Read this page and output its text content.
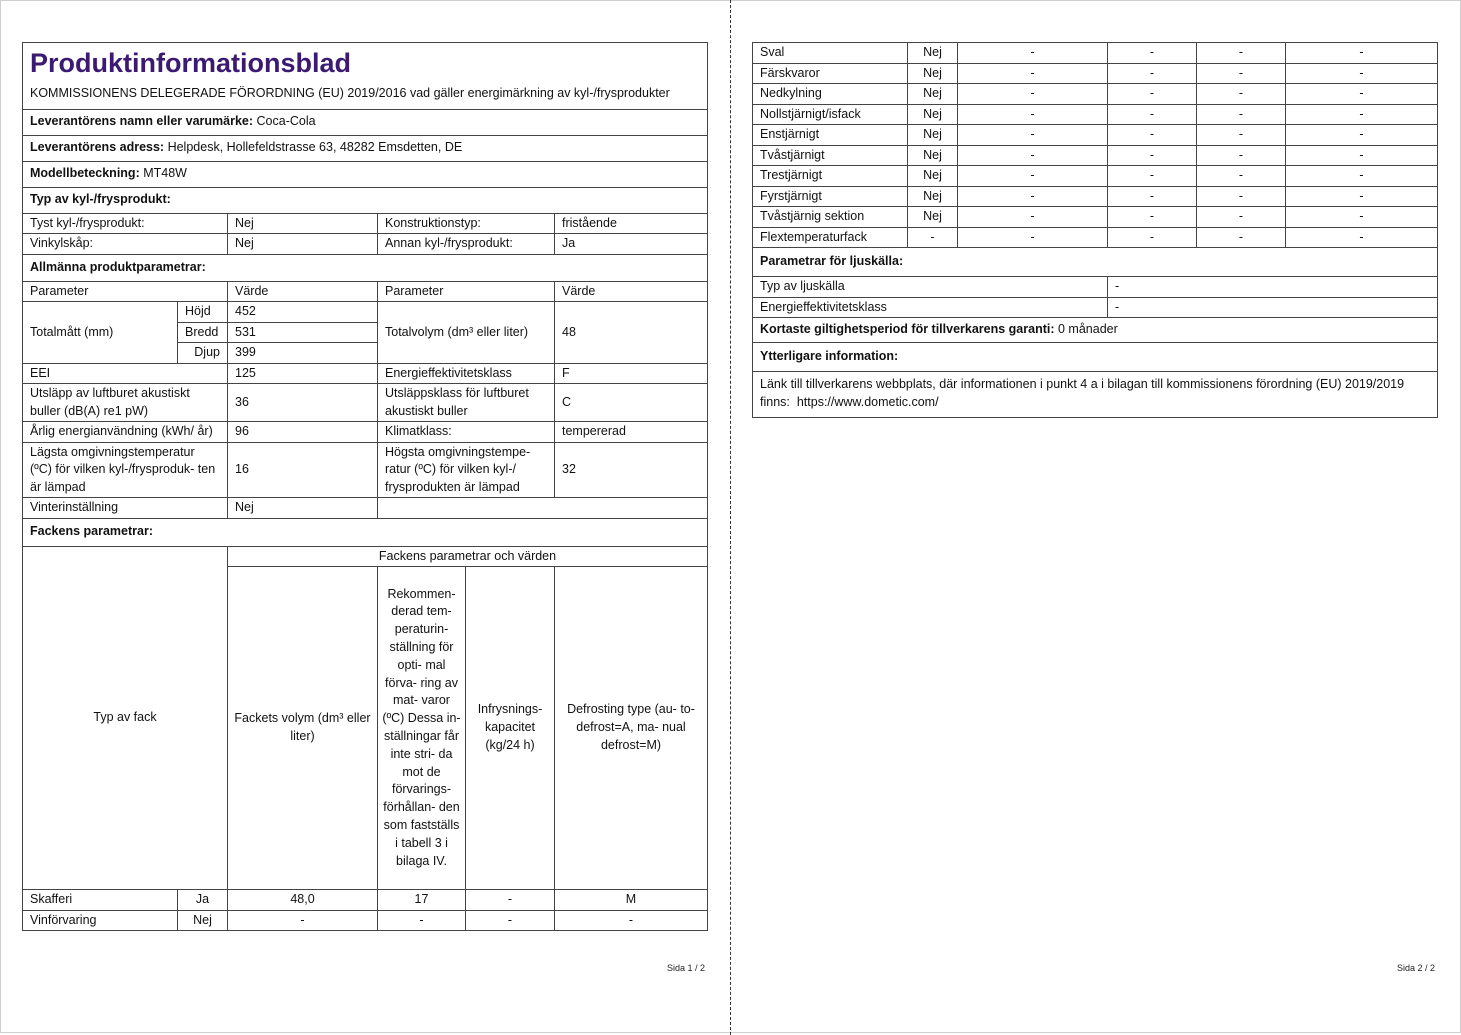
Produktinformationsblad					
KOMMISSIONENS DELEGERADE FÖRORDNING (EU) 2019/2016 vad gäller energimärkning av kyl-/frysprodukter					
Leverantörens namn eller varumärke: Coca-Cola					
Leverantörens adress: Helpdesk, Hollefeldstrasse 63, 48282 Emsdetten, DE					
Modellbeteckning: MT48W					
Typ av kyl-/frysprodukt:					
Tyst kyl-/frysprodukt:		Nej	Konstruktionstyp:		fristående
Vinkylskåp:		Nej	Annan kyl-/frysprodukt:		Ja
Allmänna produktparametrar:					
Parameter		Värde	Parameter		Värde
Totalmått (mm)	Höjd	452	Totalvolym (dm³ eller liter)		48
	Bredd	531			
	Djup	399			
EEI		125	Energieffektivitetsklass		F
Utsläpp av luftburet akustiskt buller (dB(A) re1 pW)		36	Utsläppsklass för luftburet akustiskt buller		C
Årlig energianvändning (kWh/ år)		96	Klimatklass:		tempererad
Lägsta omgivningstemperatur (ºC) för vilken kyl-/frysproduk- ten är lämpad		16	Högsta omgivningstempe- ratur (ºC) för vilken kyl-/ frysprodukten är lämpad		32
Vinterinställning		Nej			
Fackens parametrar:					
Typ av fack		Fackens parametrar och värden			
		Fackets volym (dm³ eller liter)	Rekommen- derad tem- peraturin- ställning för opti- mal förva- ring av mat- varor (ºC) Dessa in- ställningar får inte stri- da mot de förvarings- förhållan- den som fastställs i tabell 3 i bilaga IV.	Infrysnings- kapacitet (kg/24 h)	Defrosting type (au- to-defrost=A, ma- nual defrost=M)
Skafferi	Ja	48,0	17	-	M
Vinförvaring	Nej	-	-	-	-
Sida 1 / 2
Sval	Nej	-	-	-	-
Färskvaror	Nej	-	-	-	-
Nedkylning	Nej	-	-	-	-
Nollstjärnigt/isfack	Nej	-	-	-	-
Enstjärnigt	Nej	-	-	-	-
Tvåstjärnigt	Nej	-	-	-	-
Trestjärnigt	Nej	-	-	-	-
Fyrstjärnigt	Nej	-	-	-	-
Tvåstjärnig sektion	Nej	-	-	-	-
Flextemperaturfack	-	-	-	-	-
Parametrar för ljuskälla:	
Typ av ljuskälla	-
Energieffektivitetsklass	-
Kortaste giltighetsperiod för tillverkarens garanti: 0 månader	
Ytterligare information:	
Länk till tillverkarens webbplats, där informationen i punkt 4 a i bilagan till kommissionens förordning (EU) 2019/2019 finns: https://www.dometic.com/	
Sida 2 / 2
